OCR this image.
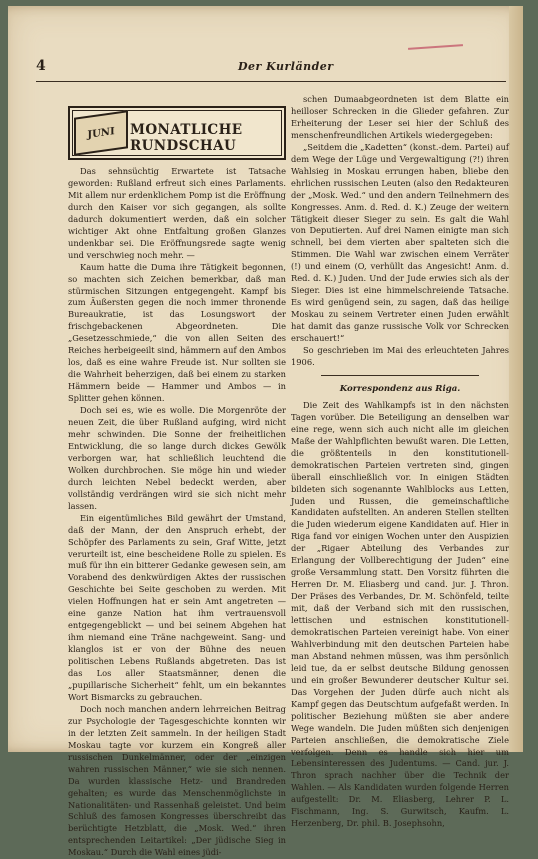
4	Der Kurländer
JUNI	MONATLICHE RUNDSCHAU

Das sehnsüchtig Erwartete ist Tatsache geworden: Rußland erfreut sich eines Parlaments. Mit allem nur erdenklichem Pomp ist die Eröffnung durch den Kaiser vor sich gegangen, als sollte dadurch dokumentiert werden, daß ein solcher wichtiger Akt ohne Entfaltung großen Glanzes undenkbar sei. Die Eröffnungsrede sagte wenig und verschwieg noch mehr. —

Kaum hatte die Duma ihre Tätigkeit begonnen, so machten sich Zeichen bemerkbar, daß man stürmischen Sitzungen entgegengeht. Kampf bis zum Äußersten gegen die noch immer thronende Bureaukratie, ist das Losungswort der frischgebackenen Abgeordneten. Die „Gesetzesschmiede,“ die von allen Seiten des Reiches herbeigeeilt sind, hämmern auf den Ambos los, daß es eine wahre Freude ist. Nur sollten sie die Wahrheit beherzigen, daß bei einem zu starken Hämmern beide — Hammer und Ambos — in Splitter gehen können.

Doch sei es, wie es wolle. Die Morgenröte der neuen Zeit, die über Rußland aufging, wird nicht mehr schwinden. Die Sonne der freiheitlichen Entwicklung, die so lange durch dickes Gewölk verborgen war, hat schließlich leuchtend die Wolken durchbrochen. Sie möge hin und wieder durch leichten Nebel bedeckt werden, aber vollständig verdrängen wird sie sich nicht mehr lassen.

Ein eigentümliches Bild gewährt der Umstand, daß der Mann, der den Anspruch erhebt, der Schöpfer des Parlaments zu sein, Graf Witte, jetzt verurteilt ist, eine bescheidene Rolle zu spielen. Es muß für ihn ein bitterer Gedanke gewesen sein, am Vorabend des denkwürdigen Aktes der russischen Geschichte bei Seite geschoben zu werden. Mit vielen Hoffnungen hat er sein Amt angetreten — eine ganze Nation hat ihm vertrauensvoll entgegengeblickt — und bei seinem Abgehen hat ihm niemand eine Träne nachgeweint. Sang- und klanglos ist er von der Bühne des neuen politischen Lebens Rußlands abgetreten. Das ist das Los aller Staatsmänner, denen die „pupillarische Sicherheit“ fehlt, um ein bekanntes Wort Bismarcks zu gebrauchen.

Doch noch manchen andern lehrreichen Beitrag zur Psychologie der Tagesgeschichte konnten wir in der letzten Zeit sammeln. In der heiligen Stadt Moskau tagte vor kurzem ein Kongreß aller russischen Dunkelmänner, oder der „einzigen wahren russischen Männer,“ wie sie sich nennen. Da wurden klassische Hetz- und Brandreden gehalten; es wurde das Menschenmöglichste in Nationalitäten- und Rassenhaß geleistet. Und beim Schluß des famosen Kongresses überschreibt das berüchtigte Hetzblatt, die „Mosk. Wed.“ ihren entsprechenden Leitartikel: „Der jüdische Sieg in Moskau.“ Durch die Wahl eines jüdi-

schen Dumaabgeordneten ist dem Blatte ein heilloser Schrecken in die Glieder gefahren. Zur Erheiterung der Leser sei hier der Schluß des menschenfreundlichen Artikels wiedergegeben:

„Seitdem die „Kadetten“ (konst.-dem. Partei) auf dem Wege der Lüge und Vergewaltigung (?!) ihren Wahlsieg in Moskau errungen haben, bliebe den ehrlichen russischen Leuten (also den Redakteuren der „Mosk. Wed.“ und den andern Teilnehmern des Kongresses. Anm. d. Red. d. K.) Zeuge der weitern Tätigkeit dieser Sieger zu sein. Es galt die Wahl von Deputierten. Auf drei Namen einigte man sich schnell, bei dem vierten aber spalteten sich die Stimmen. Die Wahl war zwischen einem Verräter (!) und einem (O, verhüllt das Angesicht! Anm. d. Red. d. K.) Juden. Und der Jude erwies sich als der Sieger. Dies ist eine himmelschreiende Tatsache. Es wird genügend sein, zu sagen, daß das heilige Moskau zu seinem Vertreter einen Juden erwählt hat damit das ganze russische Volk vor Schrecken erschauert!“

So geschrieben im Mai des erleuchteten Jahres 1906.

Korrespondenz aus Riga.

Die Zeit des Wahlkampfs ist in den nächsten Tagen vorüber. Die Beteiligung an denselben war eine rege, wenn sich auch nicht alle im gleichen Maße der Wahlpflichten bewußt waren. Die Letten, die größtenteils in den konstitutionell-demokratischen Parteien vertreten sind, gingen überall einschließlich vor. In einigen Städten bildeten sich sogenannte Wahlblocks aus Letten, Juden und Russen, die gemeinschaftliche Kandidaten aufstellten. An anderen Stellen stellten die Juden wiederum eigene Kandidaten auf. Hier in Riga fand vor einigen Wochen unter den Auspizien der „Rigaer Abteilung des Verbandes zur Erlangung der Vollberechtigung der Juden“ eine große Versammlung statt. Den Vorsitz führten die Herren Dr. M. Eliasberg und cand. jur. J. Thron. Der Präses des Verbandes, Dr. M. Schönfeld, teilte mit, daß der Verband sich mit den russischen, lettischen und estnischen konstitutionell-demokratischen Parteien vereinigt habe. Von einer Wahlverbindung mit den deutschen Parteien habe man Abstand nehmen müssen, was ihm persönlich leid tue, da er selbst deutsche Bildung genossen und ein großer Bewunderer deutscher Kultur sei. Das Vorgehen der Juden dürfe auch nicht als Kampf gegen das Deutschtum aufgefaßt werden. In politischer Beziehung müßten sie aber andere Wege wandeln. Die Juden müßten sich denjenigen Parteien anschließen, die demokratische Ziele verfolgen. Denn es handle sich hier um Lebensinteressen des Judentums. — Cand. jur. J. Thron sprach nachher über die Technik der Wahlen. — Als Kandidaten wurden folgende Herren aufgestellt: Dr. M. Eliasberg, Lehrer P. L. Fischmann, Ing. S. Gurwitsch, Kaufm. L. Herzenberg, Dr. phil. B. Josephsohn,
